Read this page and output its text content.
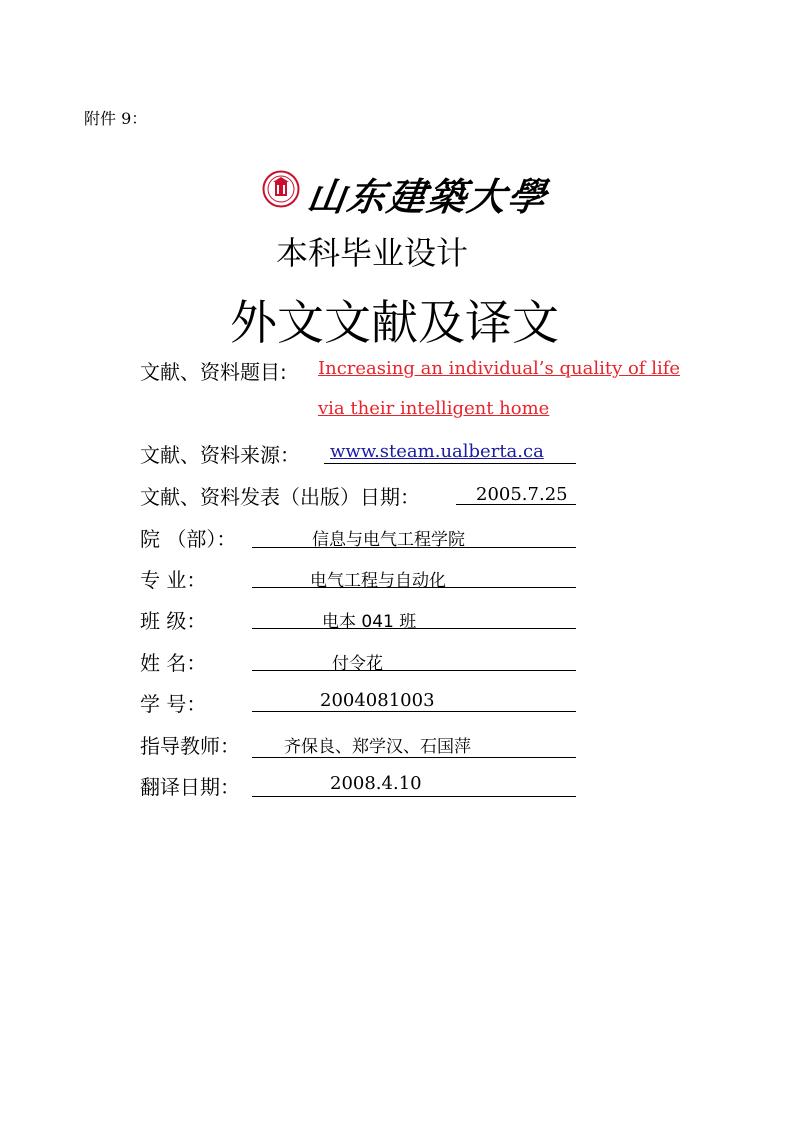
附件 9：
山东建築大學
本科毕业设计
外文文献及译文
文献、资料题目: Increasing an individual’s quality of life
via their intelligent home
文献、资料来源： www.steam.ualberta.ca
文献、资料发表（出版）日期：	2005.7.25
院 （部）：	信息与电气工程学院
专 业：	电气工程与自动化
班 级：	电本 041 班
姓 名：	付令花
学 号：	2004081003
指导教师：	齐保良、郑学汉、石国萍
翻译日期：	2008.4.10
